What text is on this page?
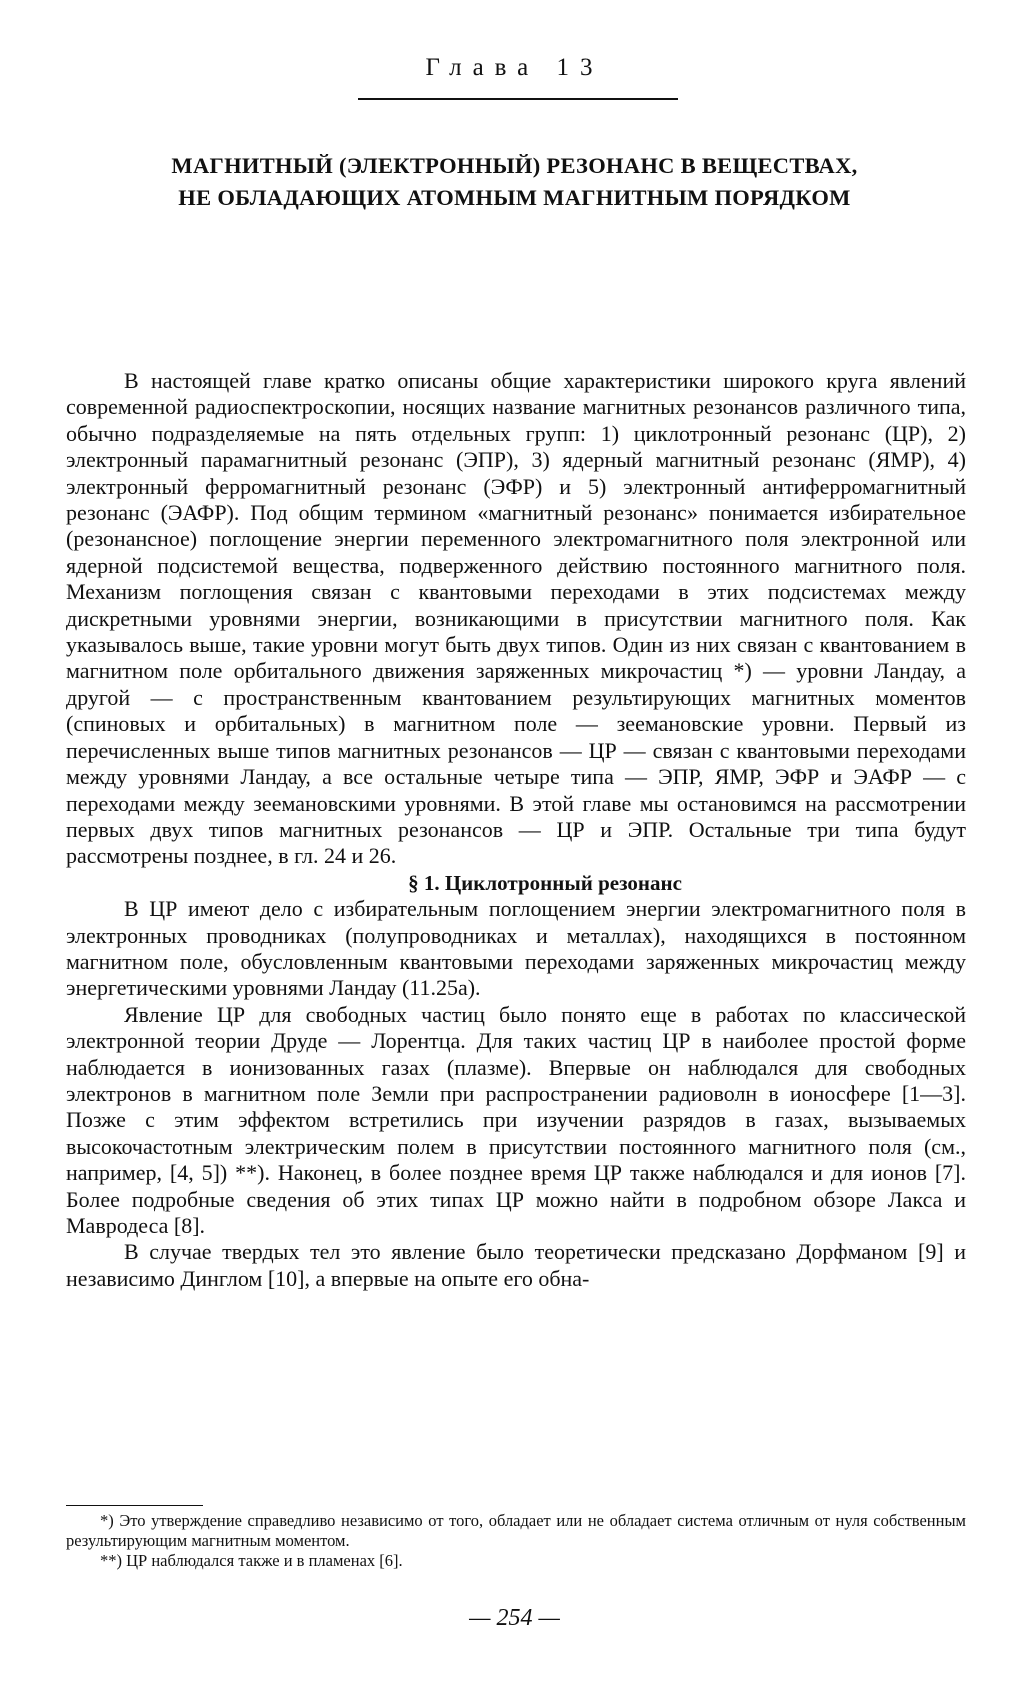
Глава 13
МАГНИТНЫЙ (ЭЛЕКТРОННЫЙ) РЕЗОНАНС В ВЕЩЕСТВАХ,
НЕ ОБЛАДАЮЩИХ АТОМНЫМ МАГНИТНЫМ ПОРЯДКОМ

В настоящей главе кратко описаны общие характеристики широкого круга явлений современной радиоспектроскопии, носящих название магнитных резонансов различного типа, обычно подразделяемые на пять отдельных групп: 1) циклотронный резонанс (ЦР), 2) электронный парамагнитный резонанс (ЭПР), 3) ядерный магнитный резонанс (ЯМР), 4) электронный ферромагнитный резонанс (ЭФР) и 5) электронный антиферромагнитный резонанс (ЭАФР). Под общим термином «магнитный резонанс» понимается избирательное (резонансное) поглощение энергии переменного электромагнитного поля электронной или ядерной подсистемой вещества, подверженного действию постоянного магнитного поля. Механизм поглощения связан с квантовыми переходами в этих подсистемах между дискретными уровнями энергии, возникающими в присутствии магнитного поля. Как указывалось выше, такие уровни могут быть двух типов. Один из них связан с квантованием в магнитном поле орбитального движения заряженных микрочастиц *) — уровни Ландау, а другой — с пространственным квантованием результирующих магнитных моментов (спиновых и орбитальных) в магнитном поле — зеемановские уровни. Первый из перечисленных выше типов магнитных резонансов — ЦР — связан с квантовыми переходами между уровнями Ландау, а все остальные четыре типа — ЭПР, ЯМР, ЭФР и ЭАФР — с переходами между зеемановскими уровнями. В этой главе мы остановимся на рассмотрении первых двух типов магнитных резонансов — ЦР и ЭПР. Остальные три типа будут рассмотрены позднее, в гл. 24 и 26.

§ 1. Циклотронный резонанс

В ЦР имеют дело с избирательным поглощением энергии электромагнитного поля в электронных проводниках (полупроводниках и металлах), находящихся в постоянном магнитном поле, обусловленным квантовыми переходами заряженных микрочастиц между энергетическими уровнями Ландау (11.25а).

Явление ЦР для свободных частиц было понято еще в работах по классической электронной теории Друде — Лорентца. Для таких частиц ЦР в наиболее простой форме наблюдается в ионизованных газах (плазме). Впервые он наблюдался для свободных электронов в магнитном поле Земли при распространении радиоволн в ионосфере [1—3]. Позже с этим эффектом встретились при изучении разрядов в газах, вызываемых высокочастотным электрическим полем в присутствии постоянного магнитного поля (см., например, [4, 5]) **). Наконец, в более позднее время ЦР также наблюдался и для ионов [7]. Более подробные сведения об этих типах ЦР можно найти в подробном обзоре Лакса и Мавродеса [8].

В случае твердых тел это явление было теоретически предсказано Дорфманом [9] и независимо Динглом [10], а впервые на опыте его обна-

*) Это утверждение справедливо независимо от того, обладает или не обладает система отличным от нуля собственным результирующим магнитным моментом.

**) ЦР наблюдался также и в пламенах [6].

— 254 —
